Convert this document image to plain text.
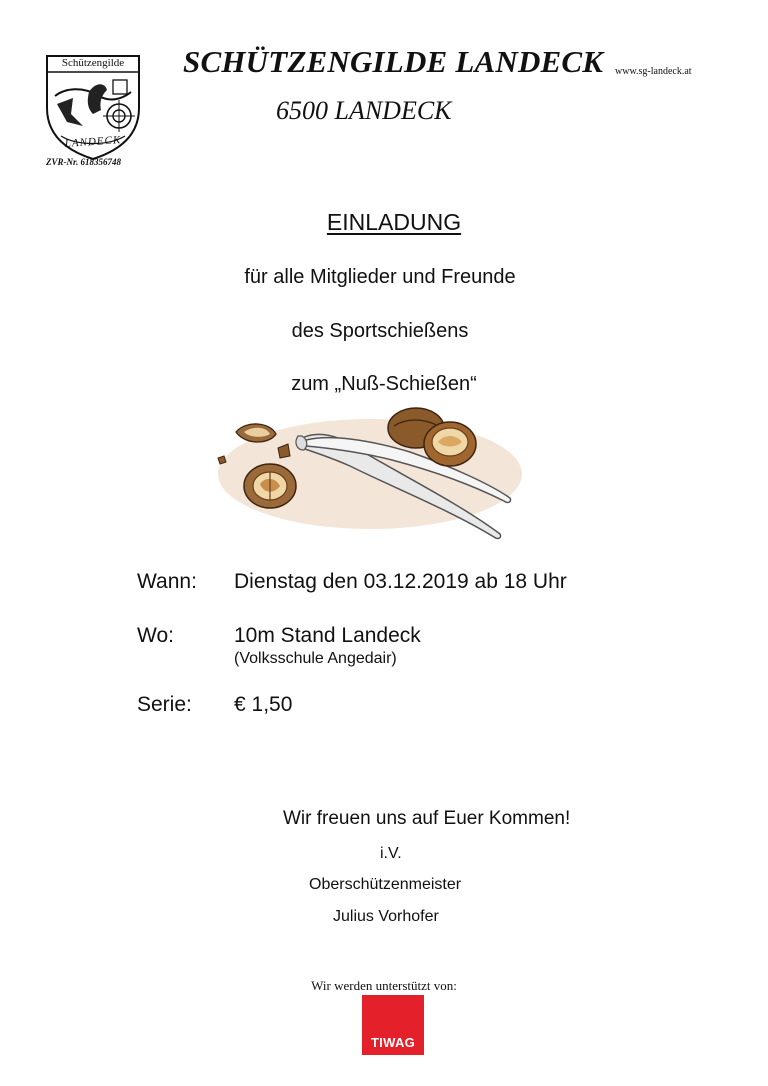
Schützengilde
LANDECK
ZVR-Nr. 618356748
SCHÜTZENGILDE LANDECK www.sg-landeck.at
6500 LANDECK
EINLADUNG
für alle Mitglieder und Freunde
des Sportschießens
zum „Nuß-Schießen“
Wann: Dienstag den 03.12.2019 ab 18 Uhr
Wo:	10m Stand Landeck
(Volksschule Angedair)
Serie: € 1,50
Wir freuen uns auf Euer Kommen!
i.V.
Oberschützenmeister
Julius Vorhofer
Wir werden unterstützt von:
TIWAG
